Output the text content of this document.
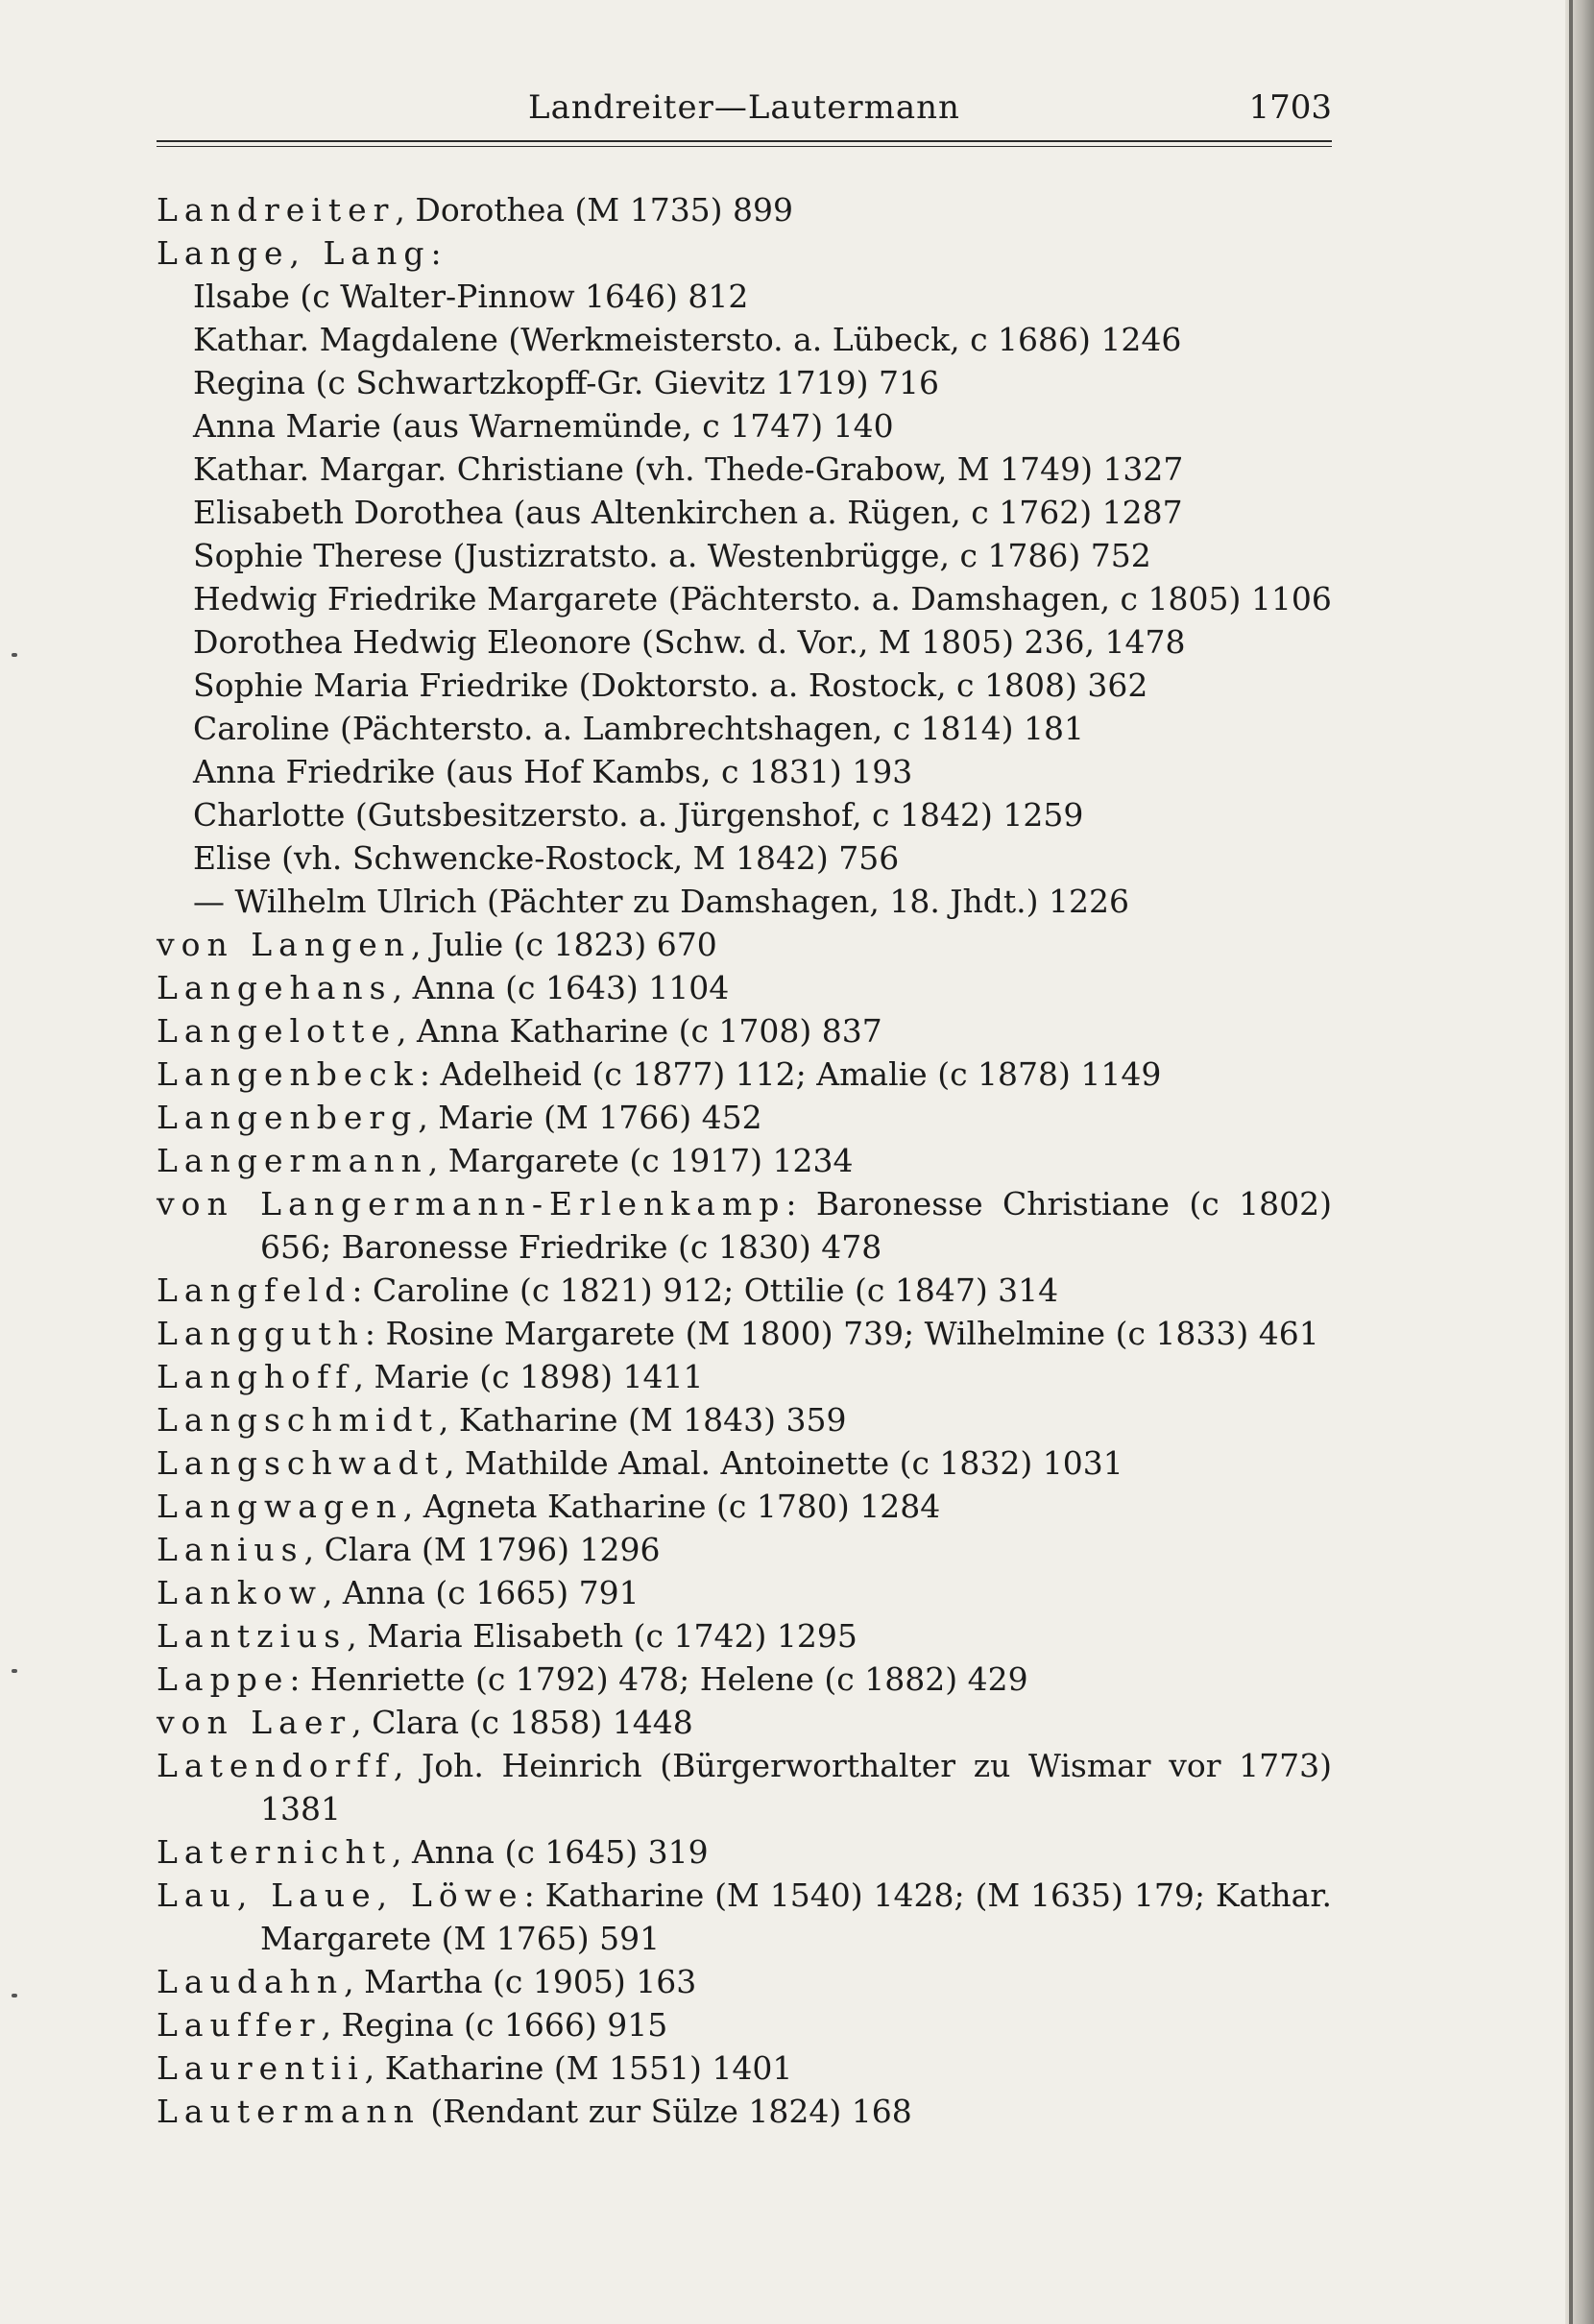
Landreiter—Lautermann	1703
Landreiter, Dorothea (M 1735) 899
Lange, Lang:
Ilsabe (c Walter-Pinnow 1646) 812
Kathar. Magdalene (Werkmeistersto. a. Lübeck, c 1686) 1246
Regina (c Schwartzkopff-Gr. Gievitz 1719) 716
Anna Marie (aus Warnemünde, c 1747) 140
Kathar. Margar. Christiane (vh. Thede-Grabow, M 1749) 1327
Elisabeth Dorothea (aus Altenkirchen a. Rügen, c 1762) 1287
Sophie Therese (Justizratsto. a. Westenbrügge, c 1786) 752
Hedwig Friedrike Margarete (Pächtersto. a. Damshagen, c 1805) 1106
Dorothea Hedwig Eleonore (Schw. d. Vor., M 1805) 236, 1478
Sophie Maria Friedrike (Doktorsto. a. Rostock, c 1808) 362
Caroline (Pächtersto. a. Lambrechtshagen, c 1814) 181
Anna Friedrike (aus Hof Kambs, c 1831) 193
Charlotte (Gutsbesitzersto. a. Jürgenshof, c 1842) 1259
Elise (vh. Schwencke-Rostock, M 1842) 756
— Wilhelm Ulrich (Pächter zu Damshagen, 18. Jhdt.) 1226
von Langen, Julie (c 1823) 670
Langehans, Anna (c 1643) 1104
Langelotte, Anna Katharine (c 1708) 837
Langenbeck: Adelheid (c 1877) 112; Amalie (c 1878) 1149
Langenberg, Marie (M 1766) 452
Langermann, Margarete (c 1917) 1234
von Langermann-Erlenkamp: Baronesse Christiane (c 1802) 656; Baronesse Friedrike (c 1830) 478
Langfeld: Caroline (c 1821) 912; Ottilie (c 1847) 314
Langguth: Rosine Margarete (M 1800) 739; Wilhelmine (c 1833) 461
Langhoff, Marie (c 1898) 1411
Langschmidt, Katharine (M 1843) 359
Langschwadt, Mathilde Amal. Antoinette (c 1832) 1031
Langwagen, Agneta Katharine (c 1780) 1284
Lanius, Clara (M 1796) 1296
Lankow, Anna (c 1665) 791
Lantzius, Maria Elisabeth (c 1742) 1295
Lappe: Henriette (c 1792) 478; Helene (c 1882) 429
von Laer, Clara (c 1858) 1448
Latendorff, Joh. Heinrich (Bürgerworthalter zu Wismar vor 1773) 1381
Laternicht, Anna (c 1645) 319
Lau, Laue, Löwe: Katharine (M 1540) 1428; (M 1635) 179; Kathar. Margarete (M 1765) 591
Laudahn, Martha (c 1905) 163
Lauffer, Regina (c 1666) 915
Laurentii, Katharine (M 1551) 1401
Lautermann (Rendant zur Sülze 1824) 168
